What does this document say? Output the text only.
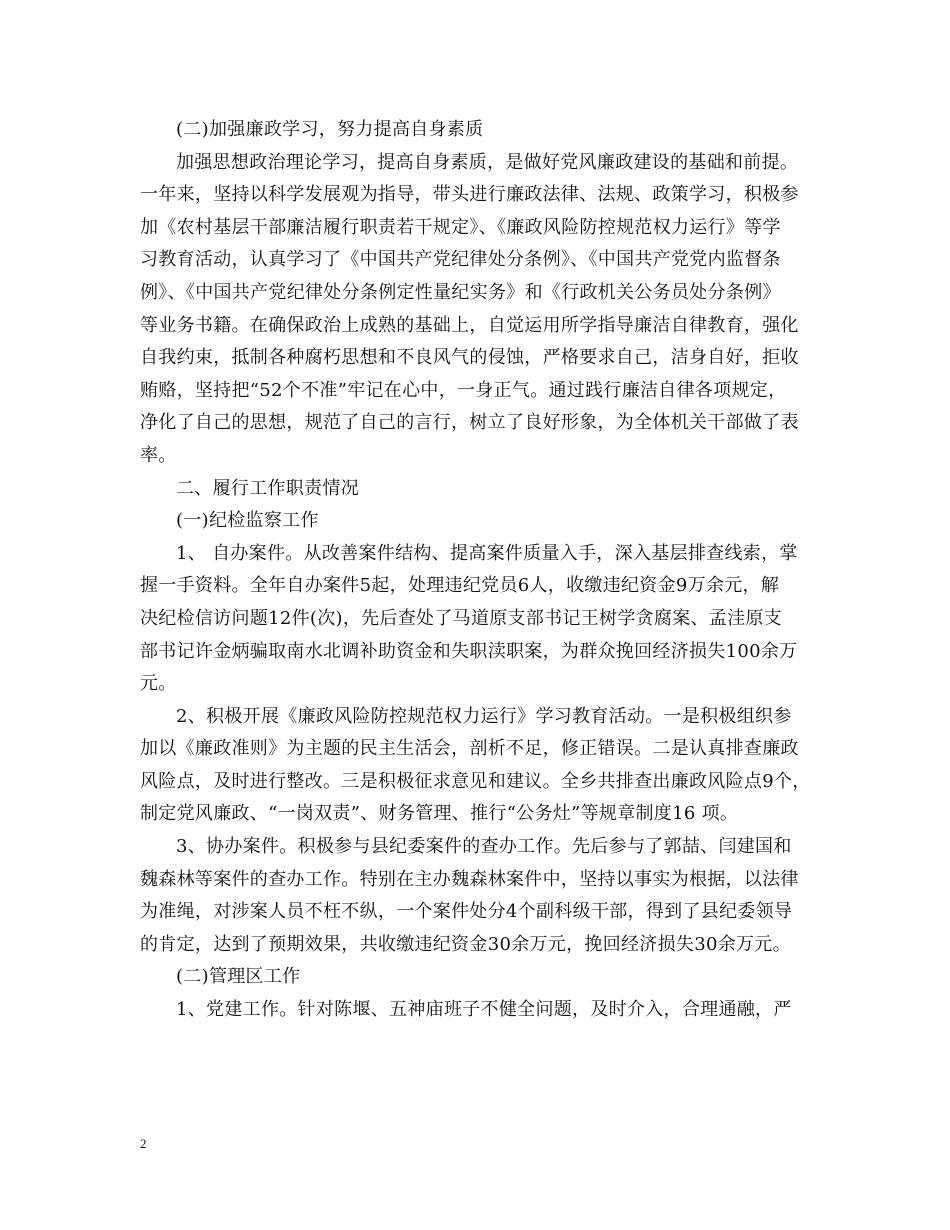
(二)加强廉政学习，努力提高自身素质

加强思想政治理论学习，提高自身素质，是做好党风廉政建设的基础和前提。
一年来，坚持以科学发展观为指导，带头进行廉政法律、法规、政策学习，积极参
加《农村基层干部廉洁履行职责若干规定》、《廉政风险防控规范权力运行》等学
习教育活动，认真学习了《中国共产党纪律处分条例》、《中国共产党党内监督条
例》、《中国共产党纪律处分条例定性量纪实务》和《行政机关公务员处分条例》
等业务书籍。在确保政治上成熟的基础上，自觉运用所学指导廉洁自律教育，强化
自我约束，抵制各种腐朽思想和不良风气的侵蚀，严格要求自己，洁身自好，拒收
贿赂，坚持把“52个不准”牢记在心中，一身正气。通过践行廉洁自律各项规定，
净化了自己的思想，规范了自己的言行，树立了良好形象，为全体机关干部做了表
率。

二、履行工作职责情况

(一)纪检监察工作

1、 自办案件。从改善案件结构、提高案件质量入手，深入基层排查线索，掌
握一手资料。全年自办案件5起，处理违纪党员6人，收缴违纪资金9万余元，解
决纪检信访问题12件(次)，先后查处了马道原支部书记王树学贪腐案、孟洼原支
部书记许金炳骗取南水北调补助资金和失职渎职案，为群众挽回经济损失100余万
元。

2、积极开展《廉政风险防控规范权力运行》学习教育活动。一是积极组织参
加以《廉政准则》为主题的民主生活会，剖析不足，修正错误。二是认真排查廉政
风险点，及时进行整改。三是积极征求意见和建议。全乡共排查出廉政风险点9个，
制定党风廉政、“一岗双责”、财务管理、推行“公务灶”等规章制度16 项。

3、协办案件。积极参与县纪委案件的查办工作。先后参与了郭喆、闫建国和
魏森林等案件的查办工作。特别在主办魏森林案件中，坚持以事实为根据，以法律
为准绳，对涉案人员不枉不纵，一个案件处分4个副科级干部，得到了县纪委领导
的肯定，达到了预期效果，共收缴违纪资金30余万元，挽回经济损失30余万元。

(二)管理区工作

1、党建工作。针对陈堰、五神庙班子不健全问题，及时介入，合理通融，严

2
